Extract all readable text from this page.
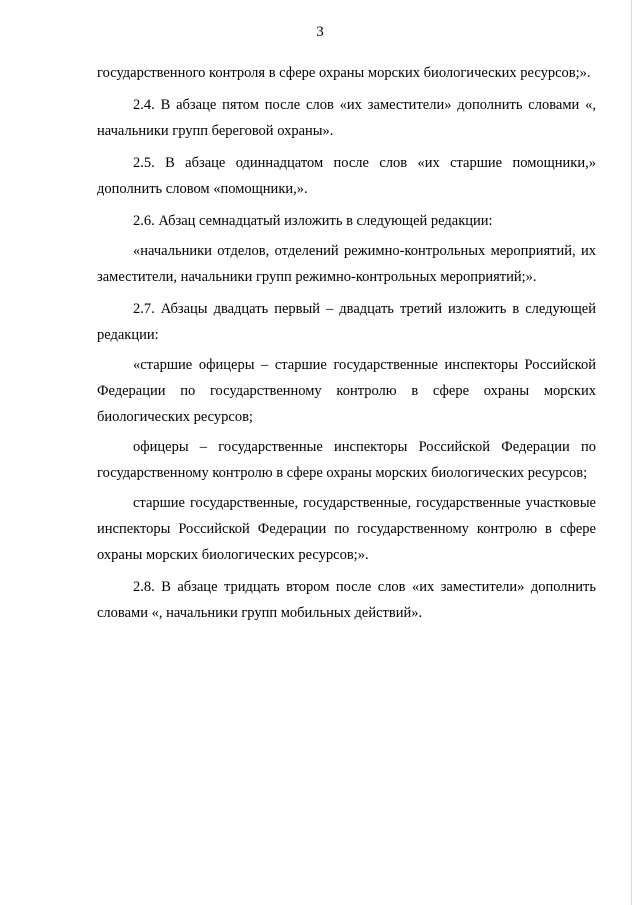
3

государственного контроля в сфере охраны морских биологических ресурсов;».

2.4. В абзаце пятом после слов «их заместители» дополнить словами «, начальники групп береговой охраны».

2.5. В абзаце одиннадцатом после слов «их старшие помощники,» дополнить словом «помощники,».

2.6. Абзац семнадцатый изложить в следующей редакции:

«начальники отделов, отделений режимно-контрольных мероприятий, их заместители, начальники групп режимно-контрольных мероприятий;».

2.7. Абзацы двадцать первый – двадцать третий изложить в следующей редакции:

«старшие офицеры – старшие государственные инспекторы Российской Федерации по государственному контролю в сфере охраны морских биологических ресурсов;

офицеры – государственные инспекторы Российской Федерации по государственному контролю в сфере охраны морских биологических ресурсов;

старшие государственные, государственные, государственные участковые инспекторы Российской Федерации по государственному контролю в сфере охраны морских биологических ресурсов;».

2.8. В абзаце тридцать втором после слов «их заместители» дополнить словами «, начальники групп мобильных действий».
